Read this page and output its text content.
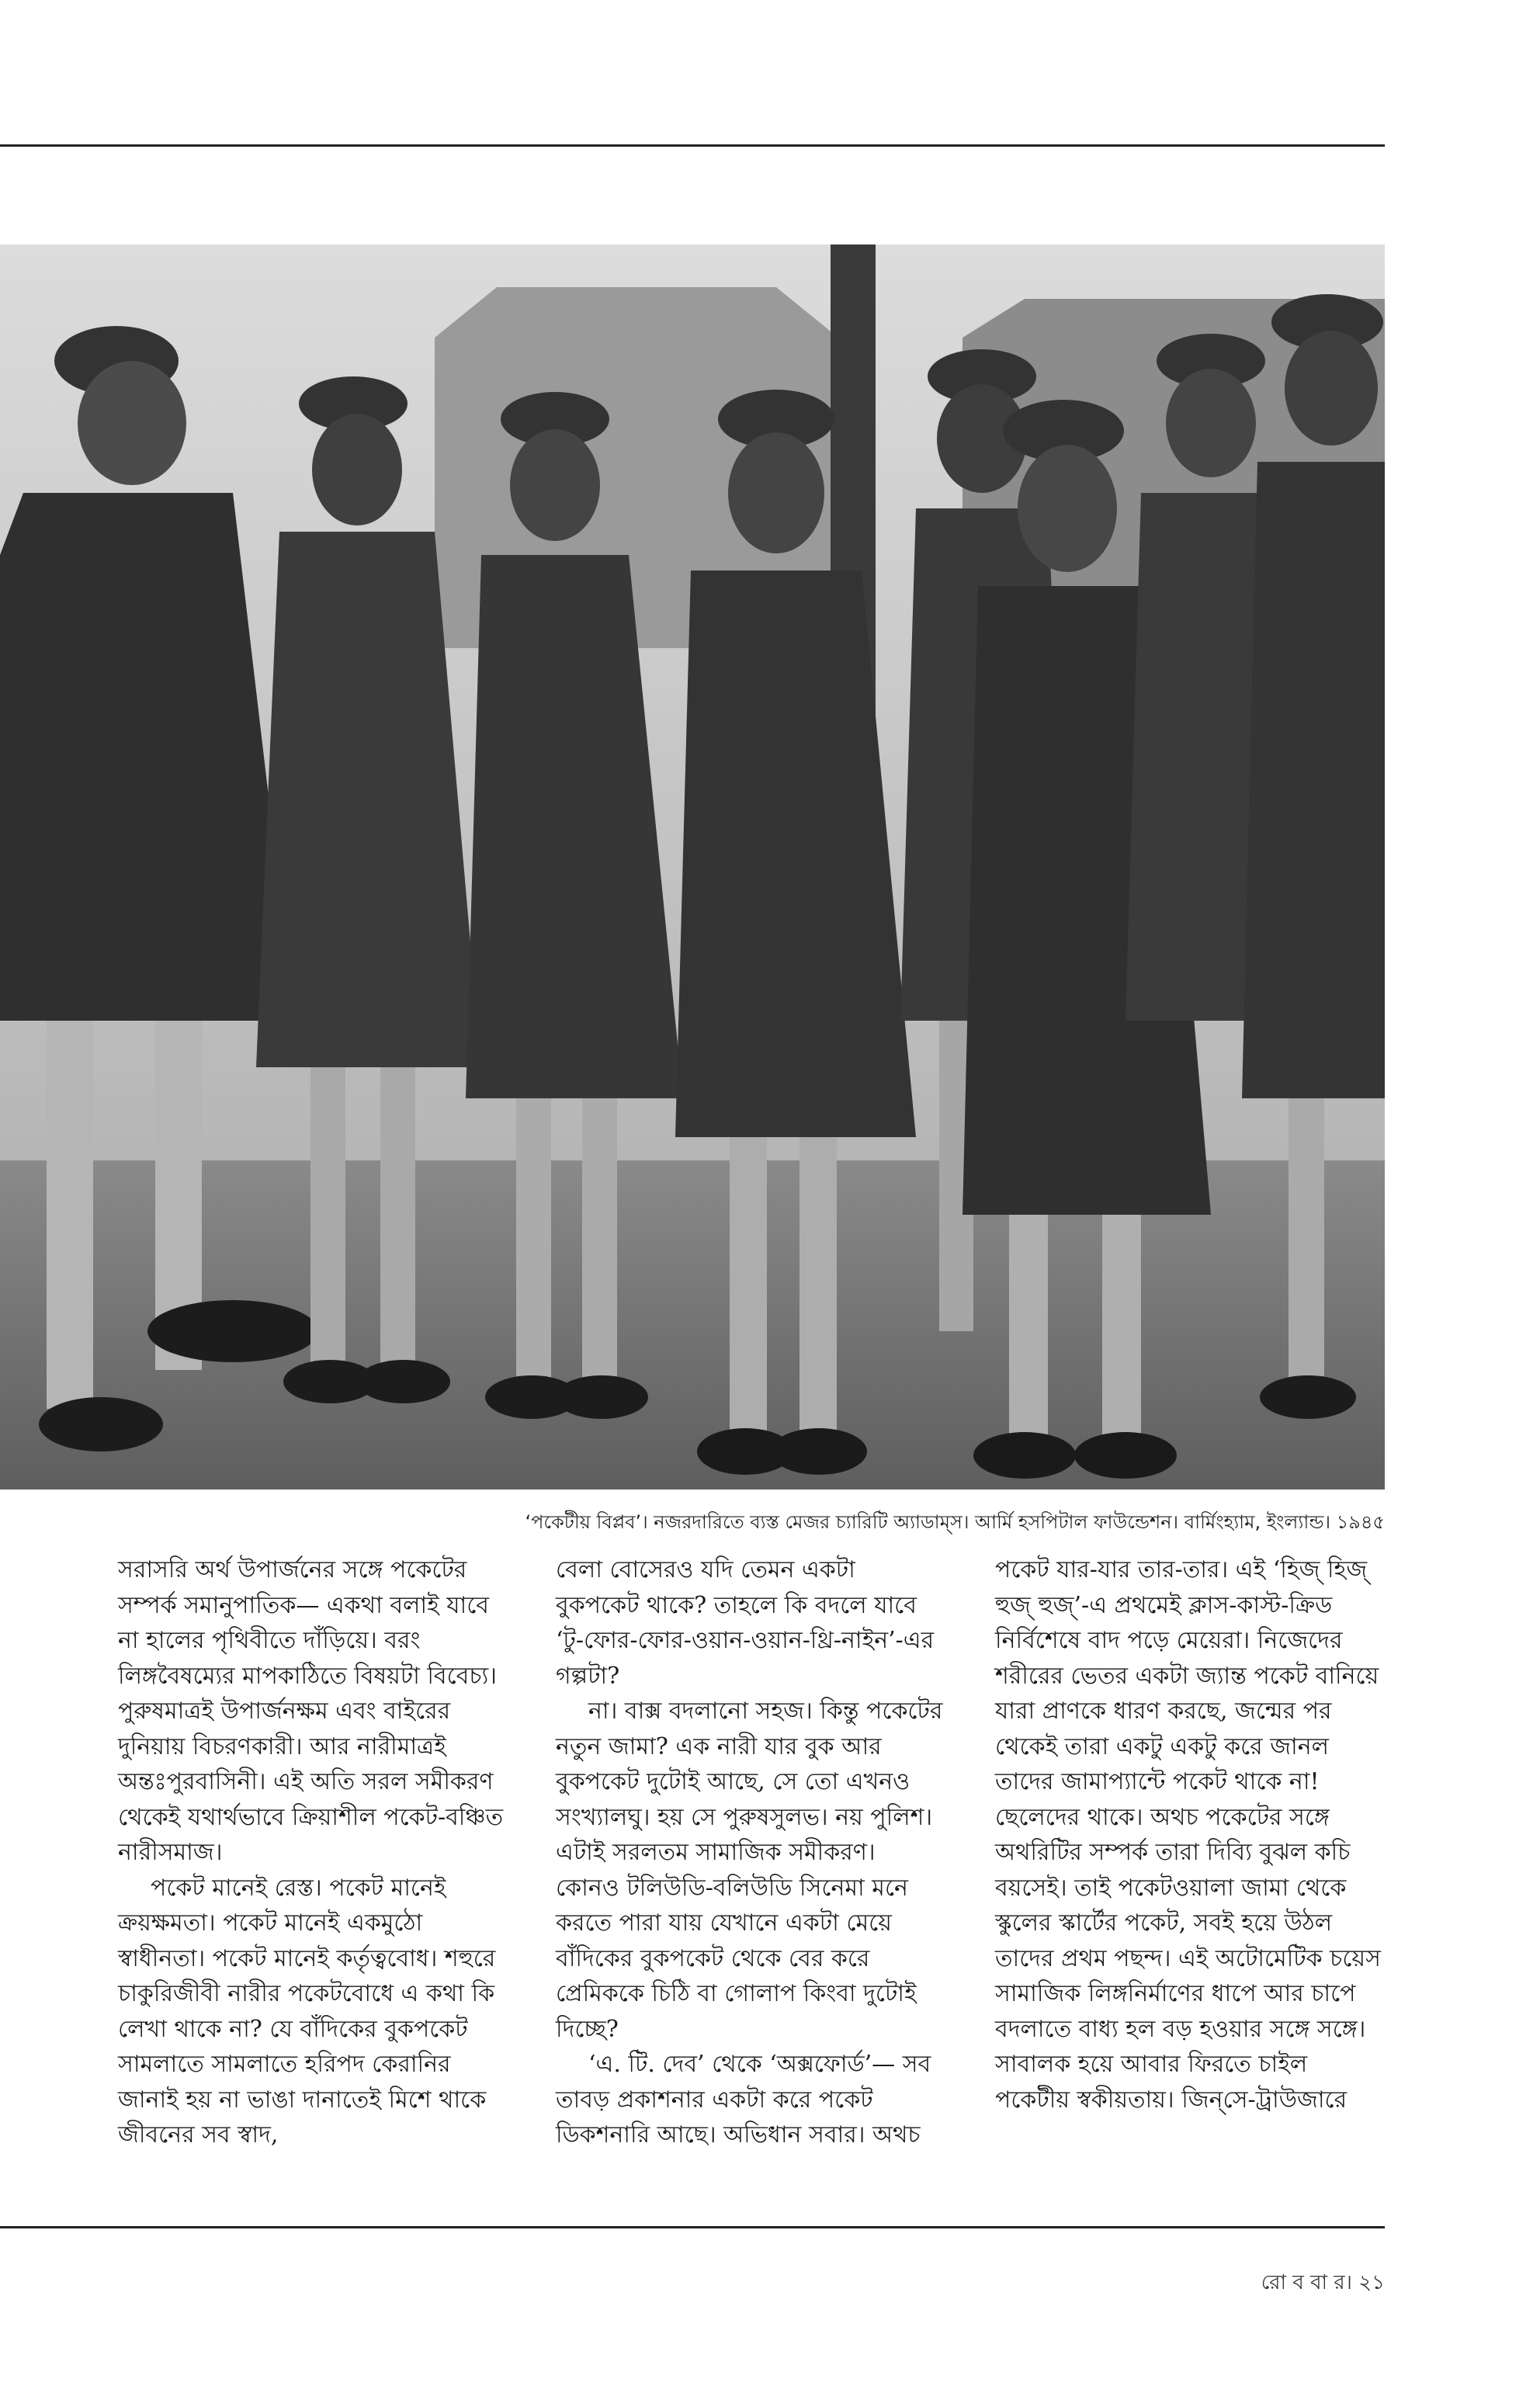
‘পকেটীয় বিপ্লব’। নজরদারিতে ব্যস্ত মেজর চ্যারিটি অ্যাডাম্‌স। আর্মি হসপিটাল ফাউন্ডেশন। বার্মিংহ্যাম, ইংল্যান্ড। ১৯৪৫

সরাসরি অর্থ উপার্জনের সঙ্গে পকেটের সম্পর্ক সমানুপাতিক— একথা বলাই যাবে না হালের পৃথিবীতে দাঁড়িয়ে। বরং লিঙ্গবৈষম্যের মাপকাঠিতে বিষয়টা বিবেচ্য। পুরুষমাত্রই উপার্জনক্ষম এবং বাইরের দুনিয়ায় বিচরণকারী। আর নারীমাত্রই অন্তঃপুরবাসিনী। এই অতি সরল সমীকরণ থেকেই যথার্থভাবে ক্রিয়াশীল পকেট-বঞ্চিত নারীসমাজ।

পকেট মানেই রেস্ত। পকেট মানেই ক্রয়ক্ষমতা। পকেট মানেই একমুঠো স্বাধীনতা। পকেট মানেই কর্তৃত্ববোধ। শহুরে চাকুরিজীবী নারীর পকেটবোধে এ কথা কি লেখা থাকে না? যে বাঁদিকের বুকপকেট সামলাতে সামলাতে হরিপদ কেরানির জানাই হয় না ভাঙা দানাতেই মিশে থাকে জীবনের সব স্বাদ,

বেলা বোসেরও যদি তেমন একটা বুকপকেট থাকে? তাহলে কি বদলে যাবে ‘টু-ফোর-ফোর-ওয়ান-ওয়ান-থ্রি-নাইন’-এর গল্পটা?

না। বাক্স বদলানো সহজ। কিন্তু পকেটের নতুন জামা? এক নারী যার বুক আর বুকপকেট দুটোই আছে, সে তো এখনও সংখ্যালঘু। হয় সে পুরুষসুলভ। নয় পুলিশ। এটাই সরলতম সামাজিক সমীকরণ। কোনও টলিউডি-বলিউডি সিনেমা মনে করতে পারা যায় যেখানে একটা মেয়ে বাঁদিকের বুকপকেট থেকে বের করে প্রেমিককে চিঠি বা গোলাপ কিংবা দুটোই দিচ্ছে?

‘এ. টি. দেব’ থেকে ‘অক্সফোর্ড’— সব তাবড় প্রকাশনার একটা করে পকেট ডিকশনারি আছে। অভিধান সবার। অথচ

পকেট যার-যার তার-তার। এই ‘হিজ্ হিজ্ হুজ্ হুজ্’-এ প্রথমেই ক্লাস-কাস্ট-ক্রিড নির্বিশেষে বাদ পড়ে মেয়েরা। নিজেদের শরীরের ভেতর একটা জ্যান্ত পকেট বানিয়ে যারা প্রাণকে ধারণ করছে, জন্মের পর থেকেই তারা একটু একটু করে জানল তাদের জামাপ্যান্টে পকেট থাকে না! ছেলেদের থাকে। অথচ পকেটের সঙ্গে অথরিটির সম্পর্ক তারা দিব্যি বুঝল কচি বয়সেই। তাই পকেটওয়ালা জামা থেকে স্কুলের স্কার্টের পকেট, সবই হয়ে উঠল তাদের প্রথম পছন্দ। এই অটোমেটিক চয়েস সামাজিক লিঙ্গনির্মাণের ধাপে আর চাপে বদলাতে বাধ্য হল বড় হওয়ার সঙ্গে সঙ্গে। সাবালক হয়ে আবার ফিরতে চাইল পকেটীয় স্বকীয়তায়। জিন্‌সে-ট্রাউজারে

রো ব বা র। ২১
